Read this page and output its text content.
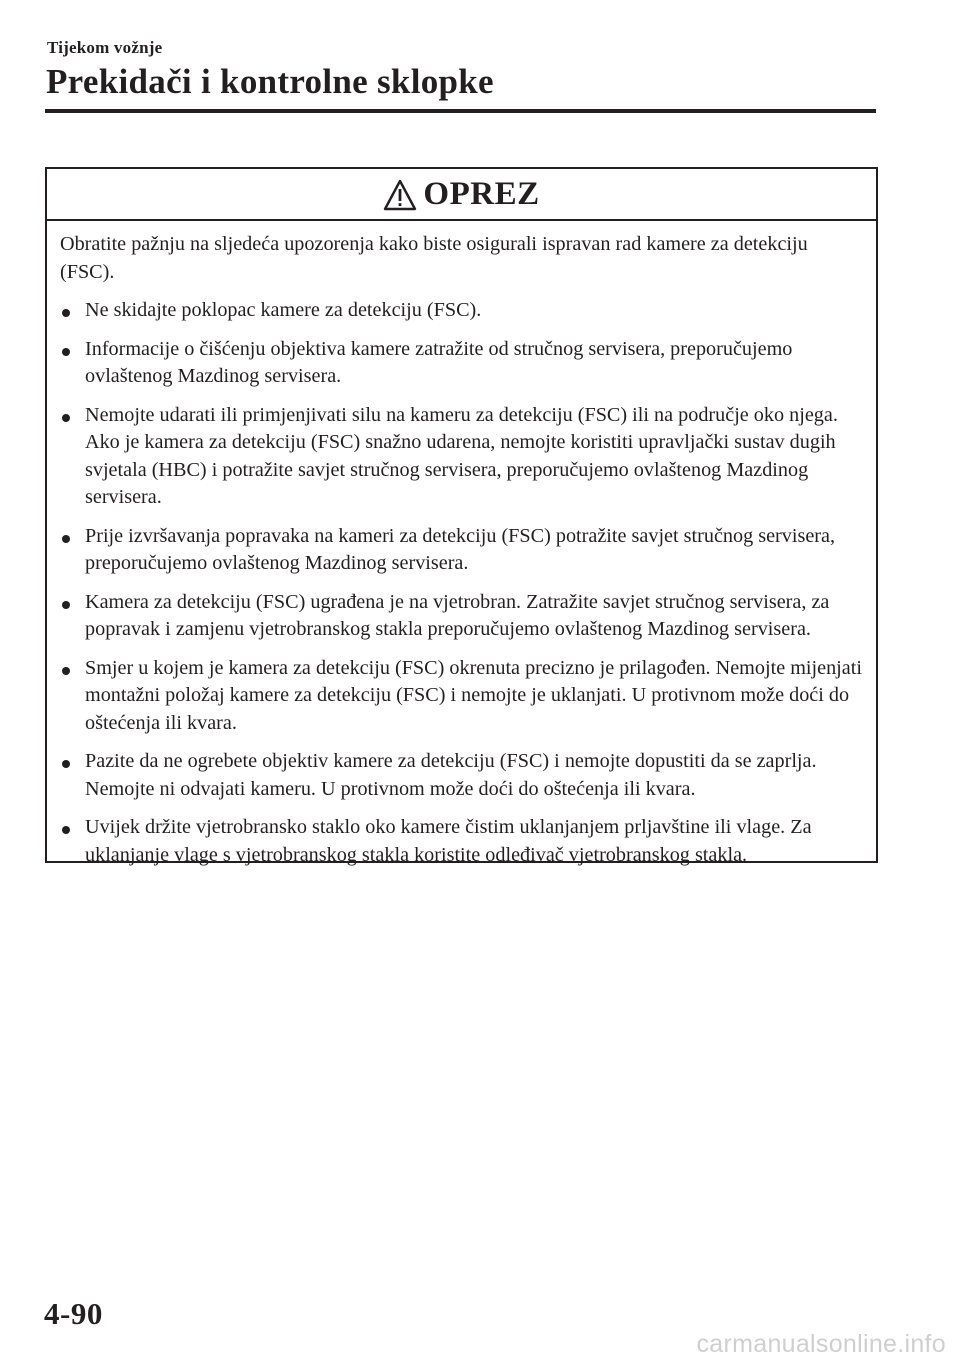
Tijekom vožnje
Prekidači i kontrolne sklopke
OPREZ

Obratite pažnju na sljedeća upozorenja kako biste osigurali ispravan rad kamere za detekciju (FSC).

Ne skidajte poklopac kamere za detekciju (FSC).
Informacije o čišćenju objektiva kamere zatražite od stručnog servisera, preporučujemo ovlaštenog Mazdinog servisera.
Nemojte udarati ili primjenjivati silu na kameru za detekciju (FSC) ili na područje oko njega. Ako je kamera za detekciju (FSC) snažno udarena, nemojte koristiti upravljački sustav dugih svjetala (HBC) i potražite savjet stručnog servisera, preporučujemo ovlaštenog Mazdinog servisera.
Prije izvršavanja popravaka na kameri za detekciju (FSC) potražite savjet stručnog servisera, preporučujemo ovlaštenog Mazdinog servisera.
Kamera za detekciju (FSC) ugrađena je na vjetrobran. Zatražite savjet stručnog servisera, za popravak i zamjenu vjetrobranskog stakla preporučujemo ovlaštenog Mazdinog servisera.
Smjer u kojem je kamera za detekciju (FSC) okrenuta precizno je prilagođen. Nemojte mijenjati montažni položaj kamere za detekciju (FSC) i nemojte je uklanjati. U protivnom može doći do oštećenja ili kvara.
Pazite da ne ogrebete objektiv kamere za detekciju (FSC) i nemojte dopustiti da se zaprlja. Nemojte ni odvajati kameru. U protivnom može doći do oštećenja ili kvara.
Uvijek držite vjetrobransko staklo oko kamere čistim uklanjanjem prljavštine ili vlage. Za uklanjanje vlage s vjetrobranskog stakla koristite odleđivač vjetrobranskog stakla.
4-90
carmanualsonline.info
